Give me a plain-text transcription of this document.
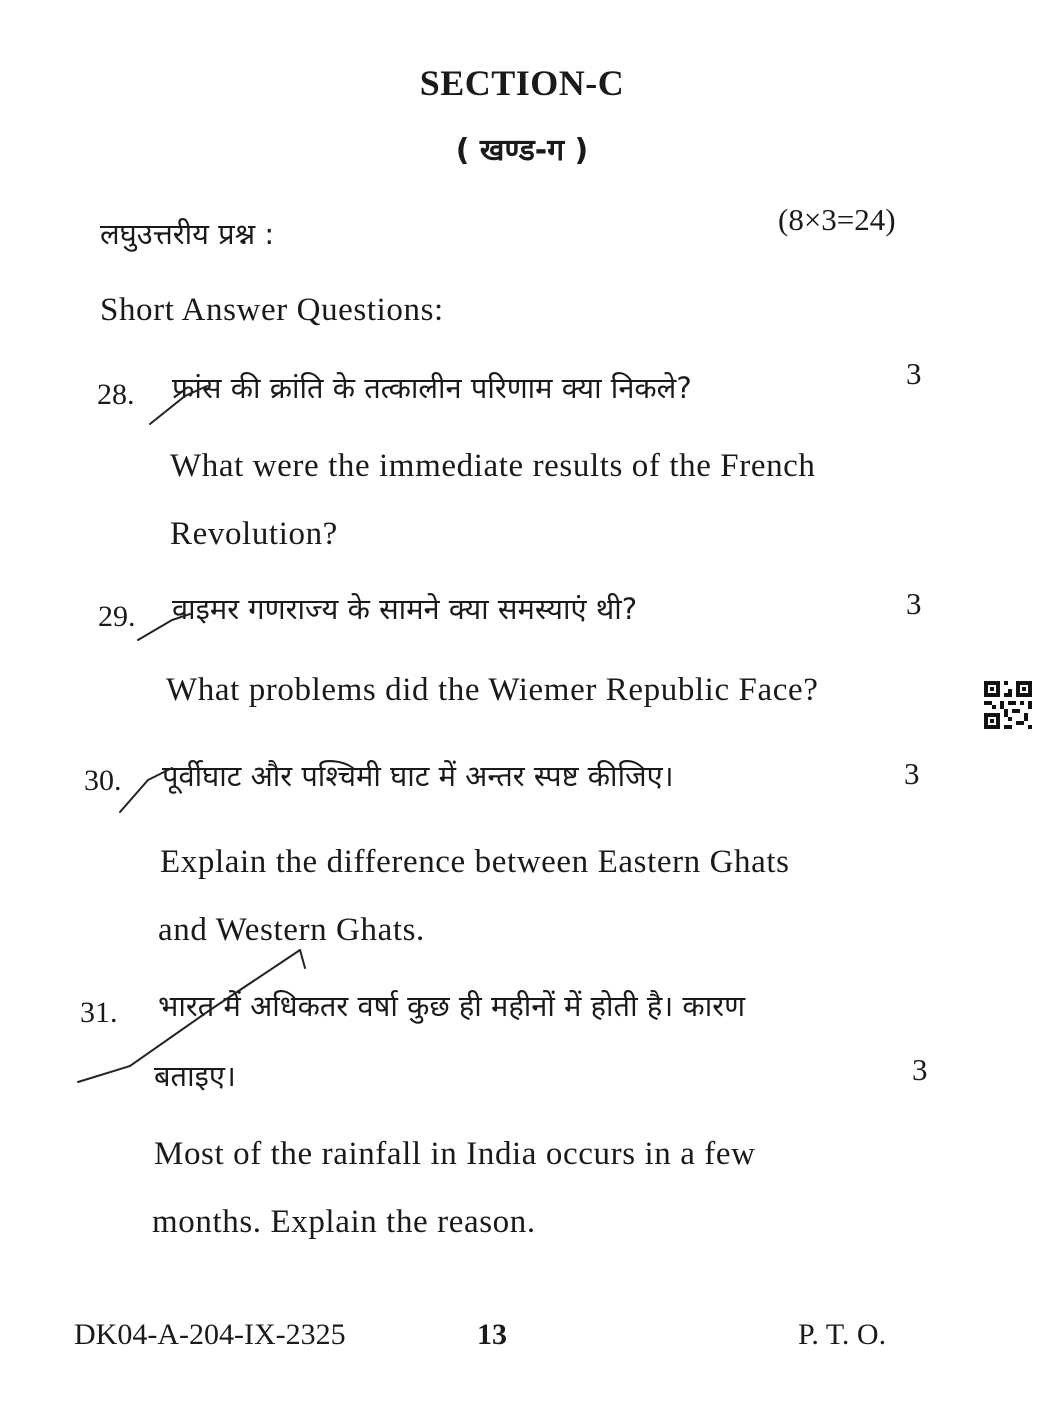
SECTION-C
( खण्ड-ग )
लघुउत्तरीय प्रश्न :	(8×3=24)
Short Answer Questions:
28. फ्रांस की क्रांति के तत्कालीन परिणाम क्या निकले?	3
What were the immediate results of the French
Revolution?
29. वाइमर गणराज्य के सामने क्या समस्याएं थी?	3
What problems did the Wiemer Republic Face?
30. पूर्वीघाट और पश्चिमी घाट में अन्तर स्पष्ट कीजिए।	3
Explain the difference between Eastern Ghats
and Western Ghats.
31. भारत में अधिकतर वर्षा कुछ ही महीनों में होती है। कारण
बताइए।	3
Most of the rainfall in India occurs in a few
months. Explain the reason.
DK04-A-204-IX-2325	13	P. T. O.
